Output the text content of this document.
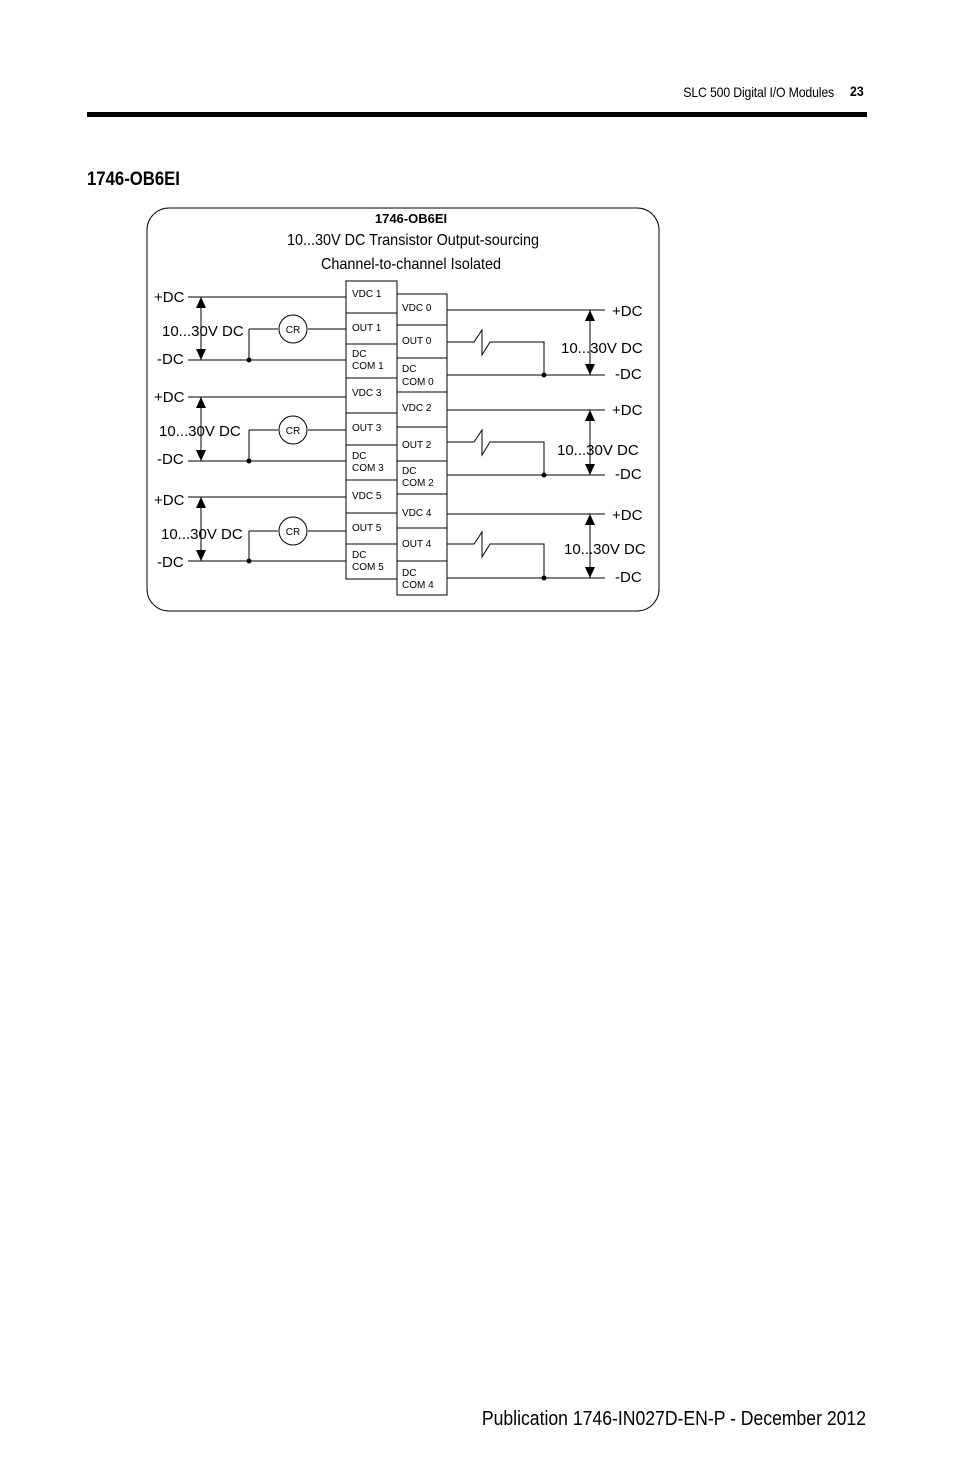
SLC 500 Digital I/O Modules 23
1746-OB6EI
1746-OB6EI
10...30V DC Transistor Output-sourcing
Channel-to-channel Isolated
VDC 1
OUT 1
DC
COM 1
VDC 3
OUT 3
DC
COM 3
VDC 5
OUT 5
DC
COM 5
VDC 0
OUT 0
DC
COM 0
VDC 2
OUT 2
DC
COM 2
VDC 4
OUT 4
DC
COM 4
CR
CR
CR
+DC
10...30V DC
-DC
+DC
10...30V DC
-DC
+DC
10...30V DC
-DC
+DC
10...30V DC
-DC
+DC
10...30V DC
-DC
+DC
10...30V DC
-DC
Publication 1746-IN027D-EN-P - December 2012
